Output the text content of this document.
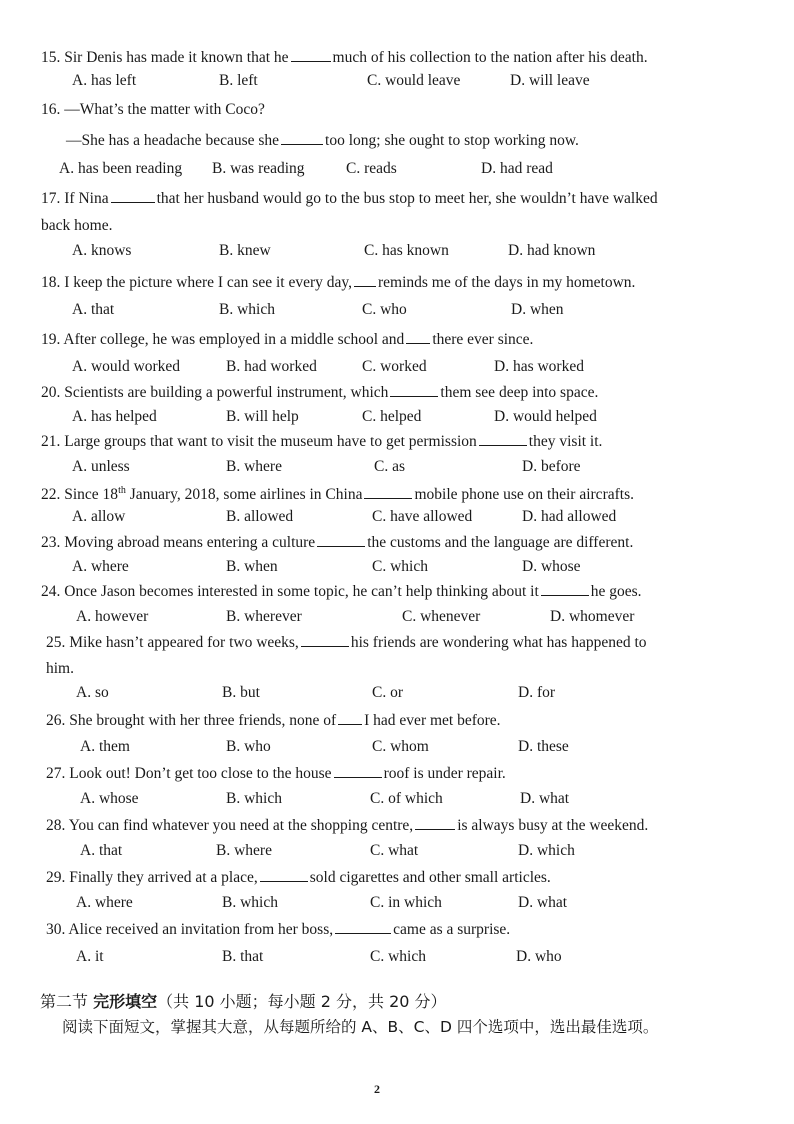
15. Sir Denis has made it known that he	much of his collection to the nation after his death.
A. has left	B. left	C. would leave	D. will leave
16. —What’s the matter with Coco?
—She has a headache because she	too long; she ought to stop working now.
A. has been reading B. was reading	C. reads	D. had read
17. If Nina	that her husband would go to the bus stop to meet her, she wouldn’t have walked
back home.
A. knows	B. knew	C. has known	D. had known
18. I keep the picture where I can see it every day, reminds me of the days in my hometown.
A. that	B. which	C. who	D. when
19. After college, he was employed in a middle school and there ever since.
A. would worked	B. had worked	C. worked	D. has worked
20. Scientists are building a powerful instrument, which	them see deep into space.
A. has helped	B. will help	C. helped	D. would helped
21. Large groups that want to visit the museum have to get permission	they visit it.
A. unless	B. where	C. as	D. before
22. Since 18th January, 2018, some airlines in China	mobile phone use on their aircrafts.
A. allow	B. allowed	C. have allowed	D. had allowed
23. Moving abroad means entering a culture	the customs and the language are different.
A. where	B. when	C. which	D. whose
24. Once Jason becomes interested in some topic, he can’t help thinking about it	he goes.
A. however	B. wherever	C. whenever	D. whomever
25. Mike hasn’t appeared for two weeks,	his friends are wondering what has happened to
him.
A. so	B. but	C. or	D. for
26. She brought with her three friends, none of I had ever met before.
A. them	B. who	C. whom	D. these
27. Look out! Don’t get too close to the house	roof is under repair.
A. whose	B. which	C. of which	D. what
28. You can find whatever you need at the shopping centre,	is always busy at the weekend.
A. that	B. where	C. what	D. which
29. Finally they arrived at a place,	sold cigarettes and other small articles.
A. where	B. which	C. in which	D. what
30. Alice received an invitation from her boss,	came as a surprise.
A. it	B. that	C. which	D. who
第二节 完形填空（共 10 小题；每小题 2 分，共 20 分）
阅读下面短文，掌握其大意，从每题所给的 A、B、C、D 四个选项中，选出最佳选项。
2
